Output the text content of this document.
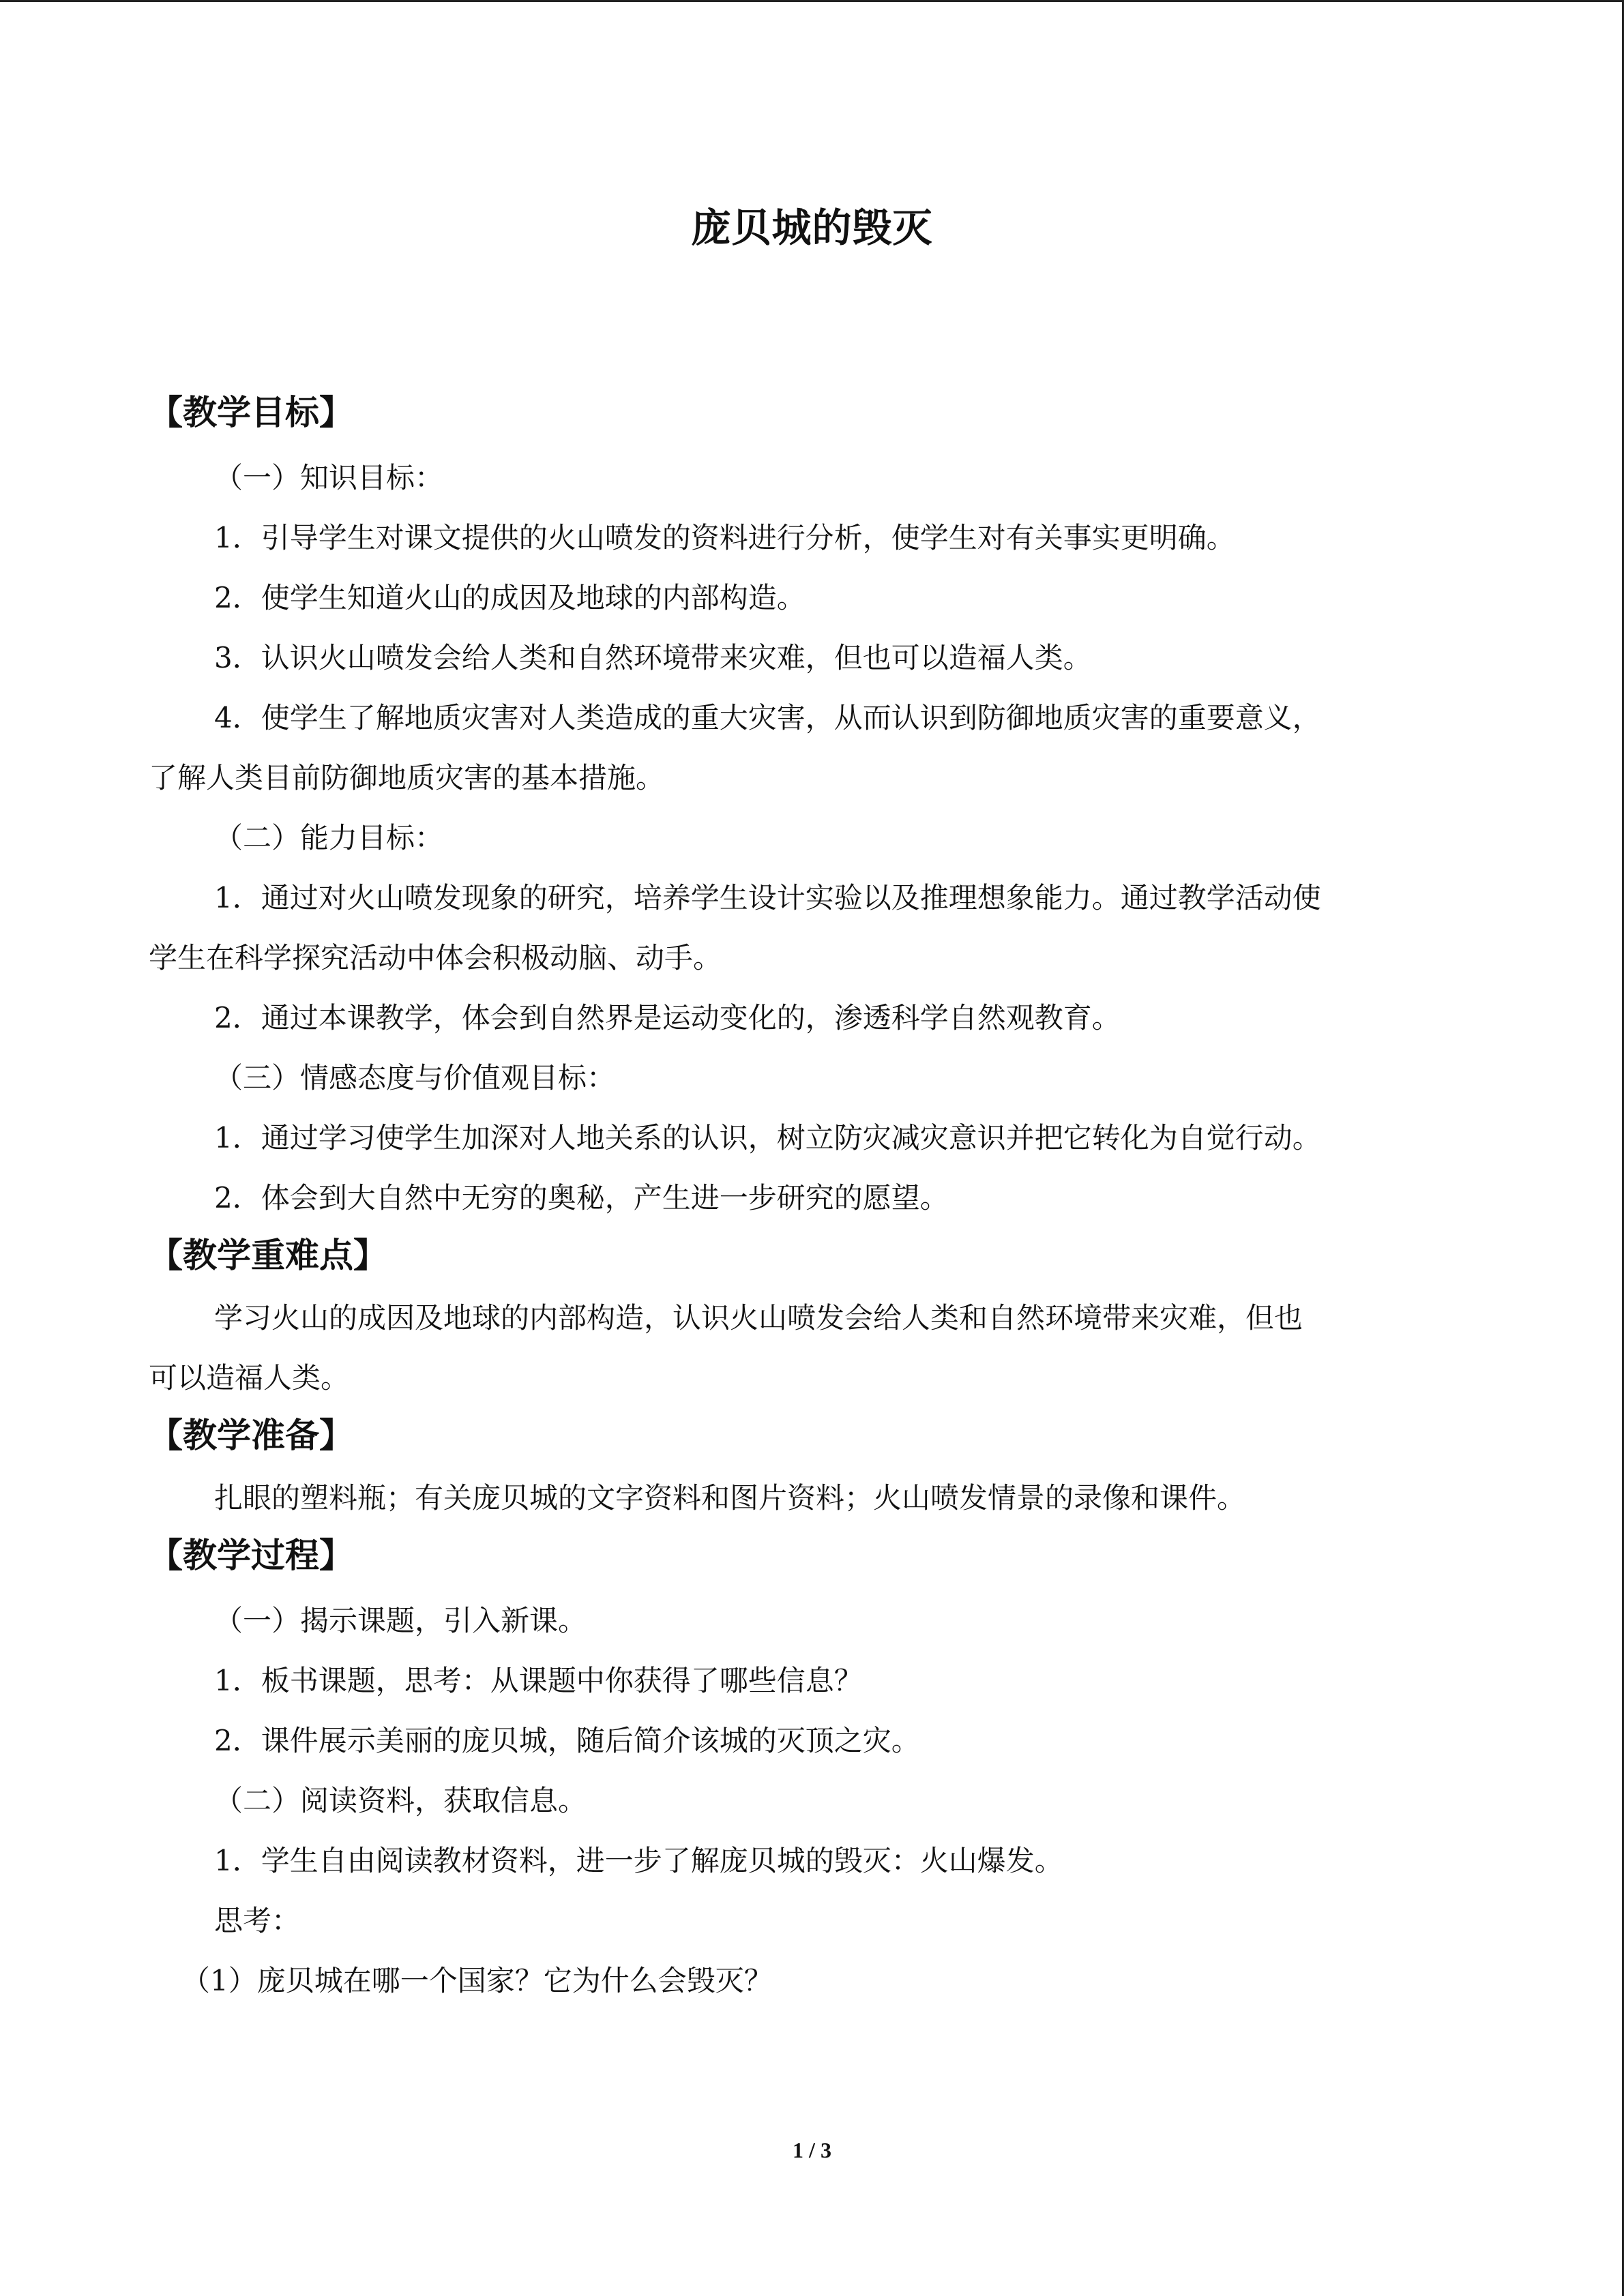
庞贝城的毁灭
【教学目标】
（一）知识目标：
1．引导学生对课文提供的火山喷发的资料进行分析，使学生对有关事实更明确。
2．使学生知道火山的成因及地球的内部构造。
3．认识火山喷发会给人类和自然环境带来灾难，但也可以造福人类。
4．使学生了解地质灾害对人类造成的重大灾害，从而认识到防御地质灾害的重要意义，
了解人类目前防御地质灾害的基本措施。
（二）能力目标：
1．通过对火山喷发现象的研究，培养学生设计实验以及推理想象能力。通过教学活动使
学生在科学探究活动中体会积极动脑、动手。
2．通过本课教学，体会到自然界是运动变化的，渗透科学自然观教育。
（三）情感态度与价值观目标：
1．通过学习使学生加深对人地关系的认识，树立防灾减灾意识并把它转化为自觉行动。
2．体会到大自然中无穷的奥秘，产生进一步研究的愿望。
【教学重难点】
学习火山的成因及地球的内部构造，认识火山喷发会给人类和自然环境带来灾难，但也
可以造福人类。
【教学准备】
扎眼的塑料瓶；有关庞贝城的文字资料和图片资料；火山喷发情景的录像和课件。
【教学过程】
（一）揭示课题，引入新课。
1．板书课题，思考：从课题中你获得了哪些信息？
2．课件展示美丽的庞贝城，随后简介该城的灭顶之灾。
（二）阅读资料，获取信息。
1．学生自由阅读教材资料，进一步了解庞贝城的毁灭：火山爆发。
思考：
（1）庞贝城在哪一个国家？它为什么会毁灭？
1 / 3
